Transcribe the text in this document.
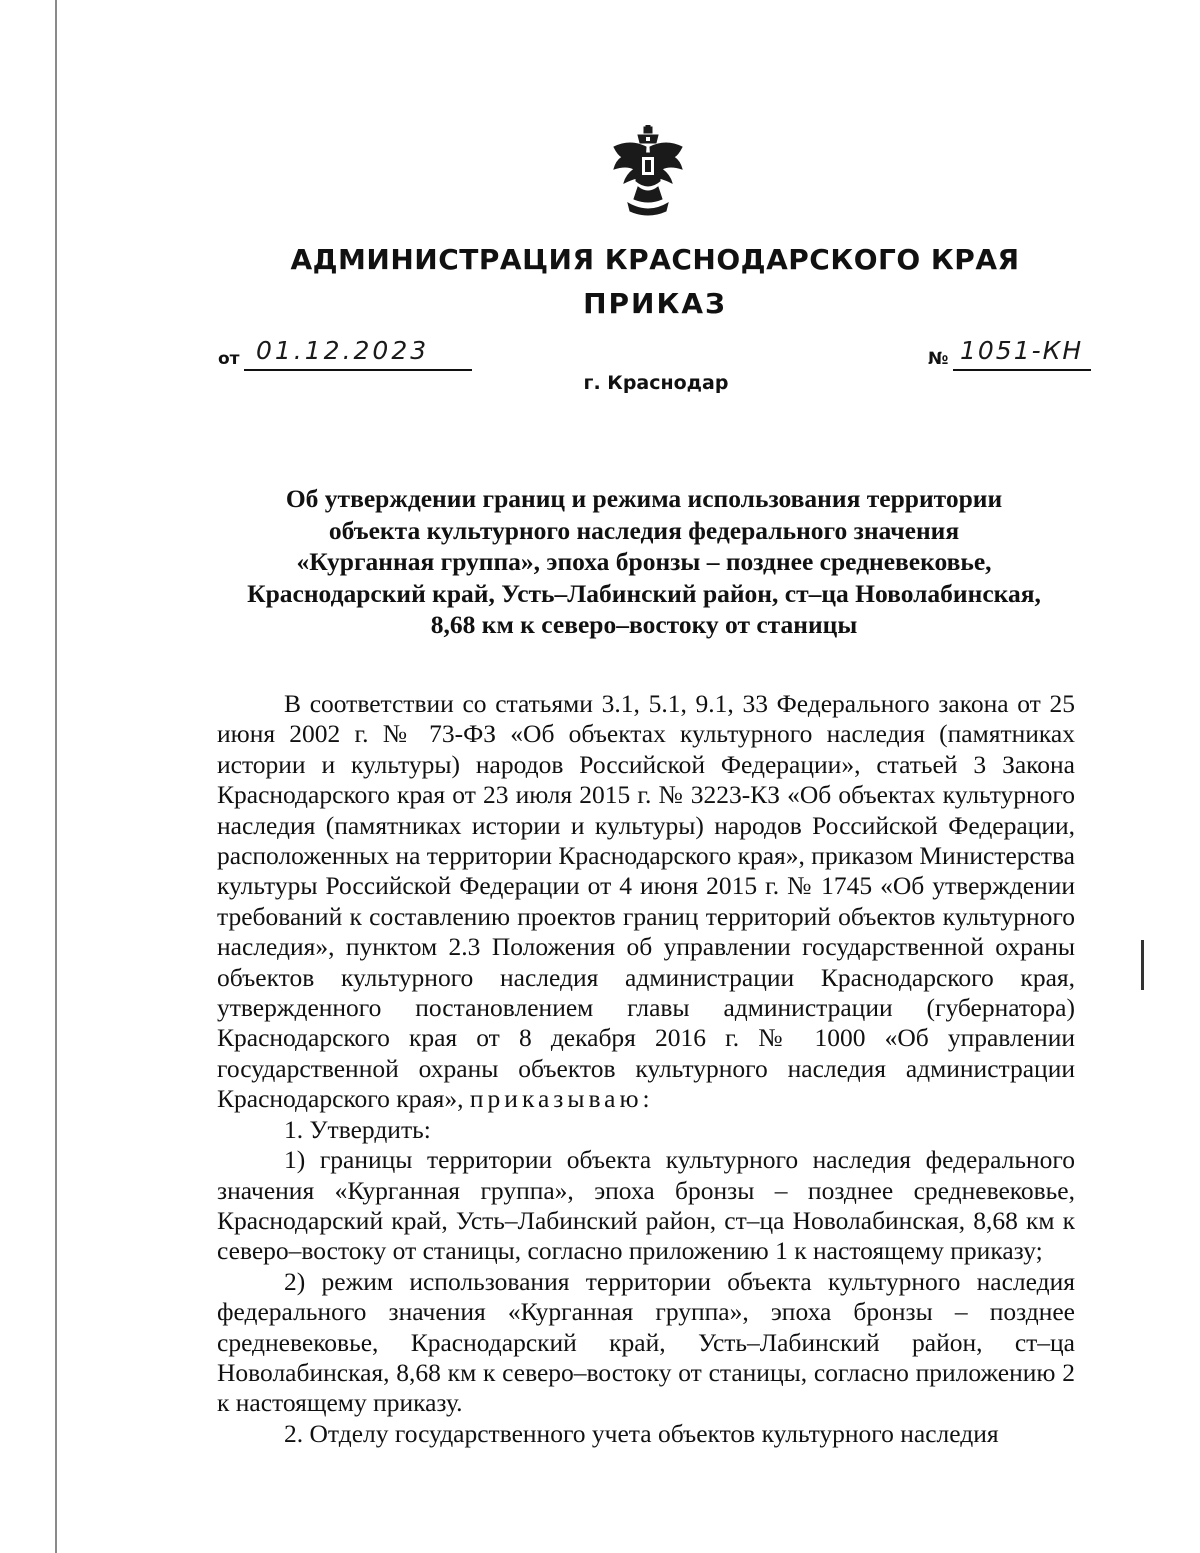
АДМИНИСТРАЦИЯ КРАСНОДАРСКОГО КРАЯ
ПРИКАЗ
от 01.12.2023	№ 1051-КН
г. Краснодар
Об утверждении границ и режима использования территории
объекта культурного наследия федерального значения
«Курганная группа», эпоха бронзы – позднее средневековье,
Краснодарский край, Усть–Лабинский район, ст–ца Новолабинская,
8,68 км к северо–востоку от станицы

В соответствии со статьями 3.1, 5.1, 9.1, 33 Федерального закона от 25 июня 2002 г. № 73-ФЗ «Об объектах культурного наследия (памятниках истории и культуры) народов Российской Федерации», статьей 3 Закона Краснодарского края от 23 июля 2015 г. № 3223-КЗ «Об объектах культурного наследия (памятниках истории и культуры) народов Российской Федерации, расположенных на территории Краснодарского края», приказом Министерства культуры Российской Федерации от 4 июня 2015 г. № 1745 «Об утверждении требований к составлению проектов границ территорий объектов культурного наследия», пунктом 2.3 Положения об управлении государственной охраны объектов культурного наследия администрации Краснодарского края, утвержденного постановлением главы администрации (губернатора) Краснодарского края от 8 декабря 2016 г. № 1000 «Об управлении государственной охраны объектов культурного наследия администрации Краснодарского края», приказываю:

1. Утвердить:

1) границы территории объекта культурного наследия федерального значения «Курганная группа», эпоха бронзы – позднее средневековье, Краснодарский край, Усть–Лабинский район, ст–ца Новолабинская, 8,68 км к северо–востоку от станицы, согласно приложению 1 к настоящему приказу;

2) режим использования территории объекта культурного наследия федерального значения «Курганная группа», эпоха бронзы – позднее средневековье, Краснодарский край, Усть–Лабинский район, ст–ца Новолабинская, 8,68 км к северо–востоку от станицы, согласно приложению 2 к настоящему приказу.

2. Отделу государственного учета объектов культурного наследия
